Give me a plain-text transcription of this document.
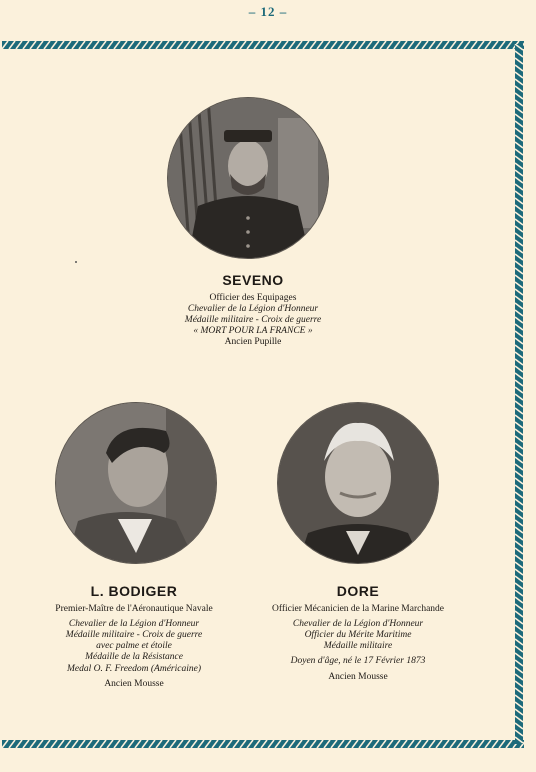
– 12 –
SEVENO
Officier des Equipages
Chevalier de la Légion d'Honneur
Médaille militaire - Croix de guerre
« MORT POUR LA FRANCE »
Ancien Pupille
L. BODIGER
Premier-Maître de l'Aéronautique Navale
Chevalier de la Légion d'Honneur
Médaille militaire - Croix de guerre
avec palme et étoile
Médaille de la Résistance
Medal O. F. Freedom (Américaine)
Ancien Mousse
DORE
Officier Mécanicien de la Marine Marchande
Chevalier de la Légion d'Honneur
Officier du Mérite Maritime
Médaille militaire
Doyen d'âge, né le 17 Février 1873
Ancien Mousse
